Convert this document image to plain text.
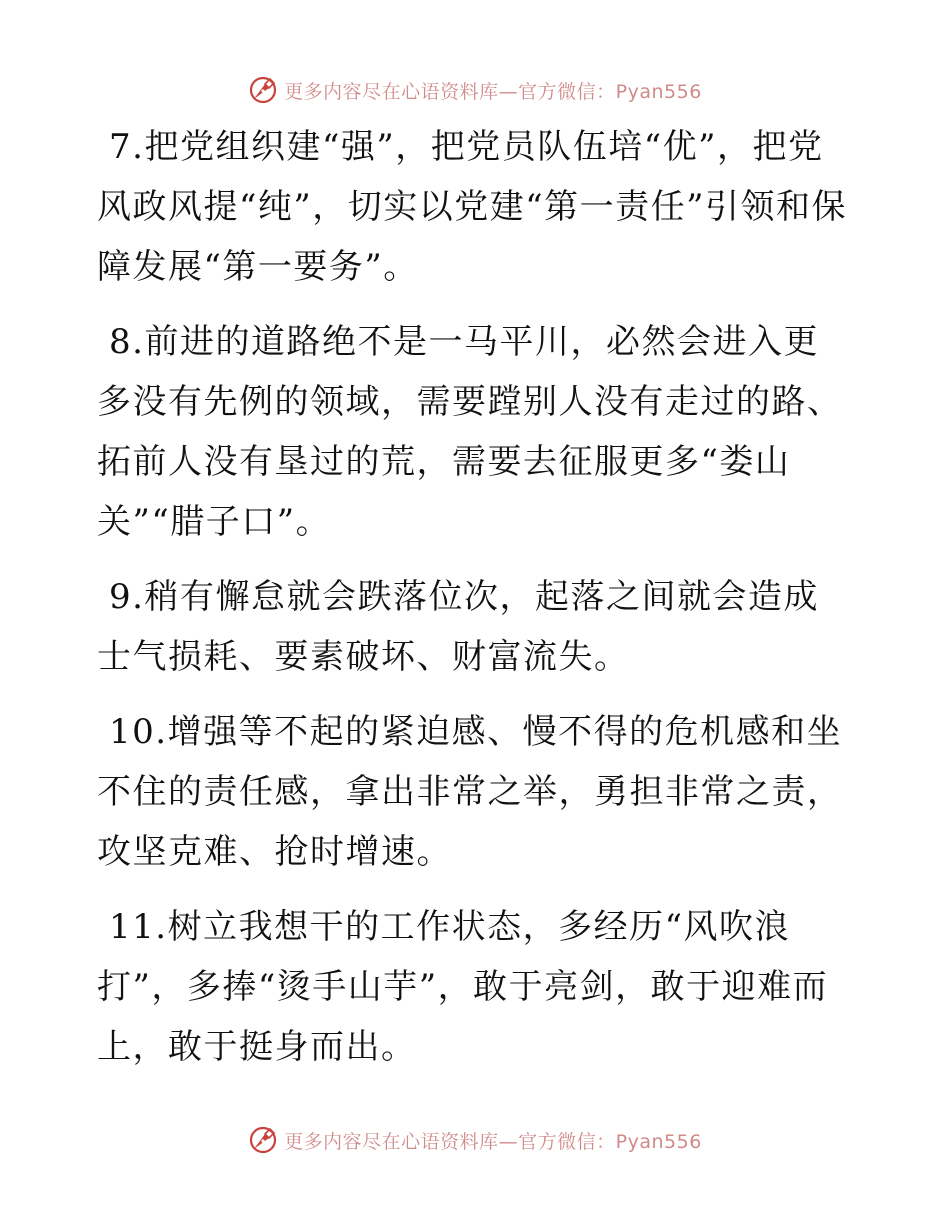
更多内容尽在心语资料库—官方微信：Pyan556

7.把党组织建“强”，把党员队伍培“优”，把党风政风提“纯”，切实以党建“第一责任”引领和保障发展“第一要务”。

8.前进的道路绝不是一马平川，必然会进入更多没有先例的领域，需要蹚别人没有走过的路、拓前人没有垦过的荒，需要去征服更多“娄山关”“腊子口”。

9.稍有懈怠就会跌落位次，起落之间就会造成士气损耗、要素破坏、财富流失。

10.增强等不起的紧迫感、慢不得的危机感和坐不住的责任感，拿出非常之举，勇担非常之责，攻坚克难、抢时增速。

11.树立我想干的工作状态，多经历“风吹浪打”，多捧“烫手山芋”，敢于亮剑，敢于迎难而上，敢于挺身而出。

更多内容尽在心语资料库—官方微信：Pyan556
